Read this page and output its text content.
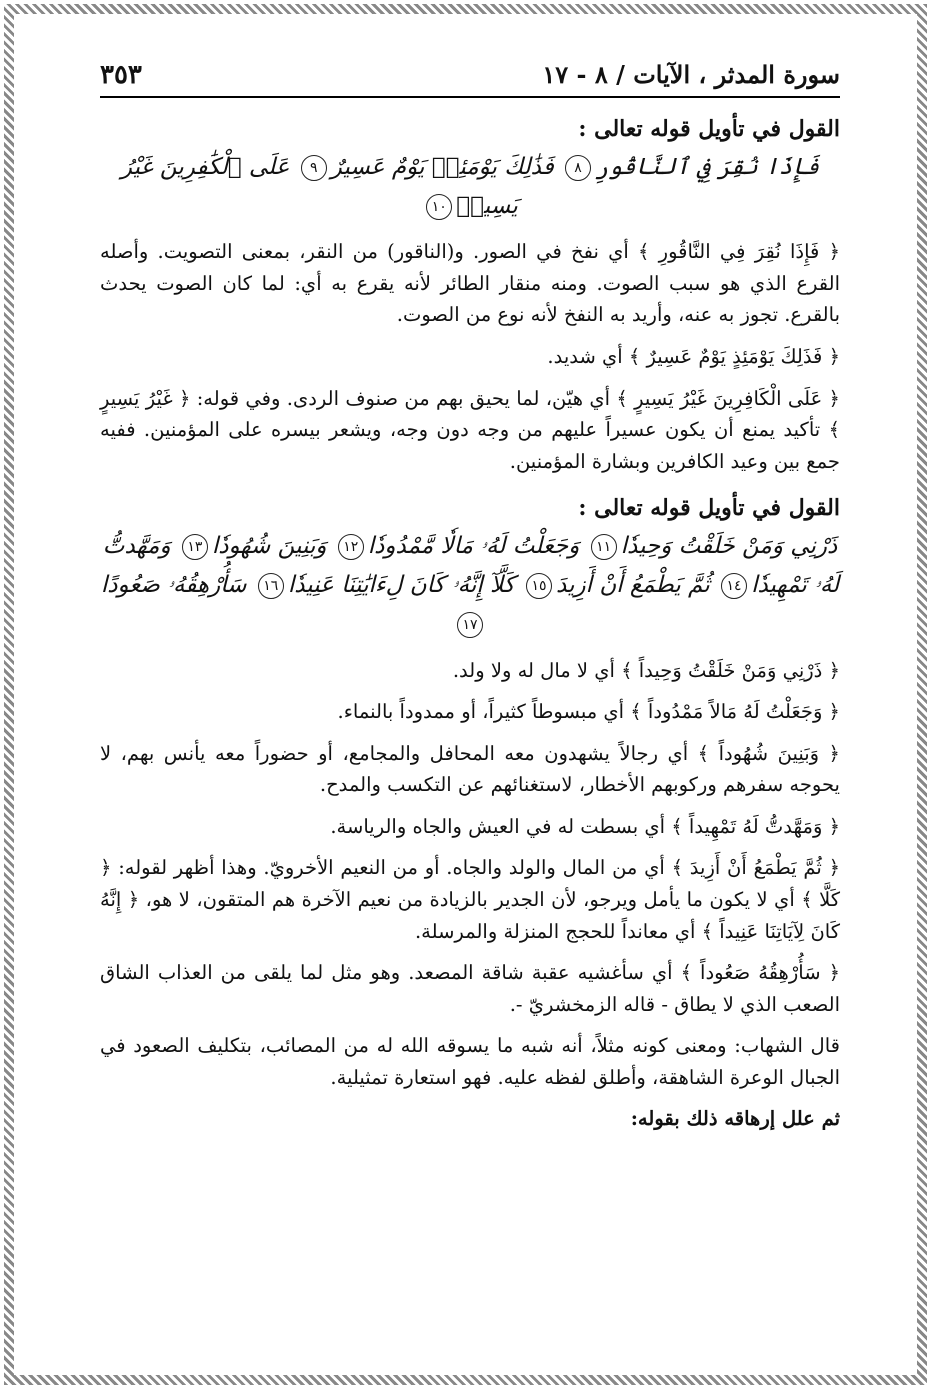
سورة المدثر ، الآيات / ٨ - ١٧
٣٥٣
القول في تأويل قوله تعالى :
فَإِذَا نُقِرَ فِي ٱلنَّاقُورِ٨ فَذَٰلِكَ يَوْمَئِذٖ يَوْمٌ عَسِيرٌ٩ عَلَى ٱلْكَٰفِرِينَ غَيْرُ يَسِيرٖ١٠

﴿ فَإِذَا نُقِرَ فِي النَّاقُورِ ﴾ أي نفخ في الصور. و(الناقور) من النقر، بمعنى التصويت. وأصله القرع الذي هو سبب الصوت. ومنه منقار الطائر لأنه يقرع به أي: لما كان الصوت يحدث بالقرع. تجوز به عنه، وأريد به النفخ لأنه نوع من الصوت.

﴿ فَذَلِكَ يَوْمَئِذٍ يَوْمٌ عَسِيرٌ ﴾ أي شديد.

﴿ عَلَى الْكَافِرِينَ غَيْرُ يَسِيرٍ ﴾ أي هيّن، لما يحيق بهم من صنوف الردى. وفي قوله: ﴿ غَيْرُ يَسِيرٍ ﴾ تأكيد يمنع أن يكون عسيراً عليهم من وجه دون وجه، ويشعر بيسره على المؤمنين. ففيه جمع بين وعيد الكافرين وبشارة المؤمنين.

القول في تأويل قوله تعالى :
ذَرْنِي وَمَنْ خَلَقْتُ وَحِيدٗا١١ وَجَعَلْتُ لَهُۥ مَالٗا مَّمْدُودٗا١٢ وَبَنِينَ شُهُودٗا١٣ وَمَهَّدتُّ لَهُۥ تَمْهِيدٗا١٤ ثُمَّ يَطْمَعُ أَنْ أَزِيدَ١٥ كَلَّآ إِنَّهُۥ كَانَ لِءَايَٰتِنَا عَنِيدٗا١٦ سَأُرْهِقُهُۥ صَعُودًا١٧

﴿ ذَرْنِي وَمَنْ خَلَقْتُ وَحِيداً ﴾ أي لا مال له ولا ولد.

﴿ وَجَعَلْتُ لَهُ مَالاً مَمْدُوداً ﴾ أي مبسوطاً كثيراً، أو ممدوداً بالنماء.

﴿ وَبَنِينَ شُهُوداً ﴾ أي رجالاً يشهدون معه المحافل والمجامع، أو حضوراً معه يأنس بهم، لا يحوجه سفرهم وركوبهم الأخطار، لاستغنائهم عن التكسب والمدح.

﴿ وَمَهَّدتُّ لَهُ تَمْهِيداً ﴾ أي بسطت له في العيش والجاه والرياسة.

﴿ ثُمَّ يَطْمَعُ أَنْ أَزِيدَ ﴾ أي من المال والولد والجاه. أو من النعيم الأخرويّ. وهذا أظهر لقوله: ﴿ كَلَّا ﴾ أي لا يكون ما يأمل ويرجو، لأن الجدير بالزيادة من نعيم الآخرة هم المتقون، لا هو، ﴿ إِنَّهُ كَانَ لِآيَاتِنَا عَنِيداً ﴾ أي معانداً للحجج المنزلة والمرسلة.

﴿ سَأُرْهِقُهُ صَعُوداً ﴾ أي سأغشيه عقبة شاقة المصعد. وهو مثل لما يلقى من العذاب الشاق الصعب الذي لا يطاق - قاله الزمخشريّ -.

قال الشهاب: ومعنى كونه مثلاً، أنه شبه ما يسوقه الله له من المصائب، بتكليف الصعود في الجبال الوعرة الشاهقة، وأطلق لفظه عليه. فهو استعارة تمثيلية.

ثم علل إرهاقه ذلك بقوله:
